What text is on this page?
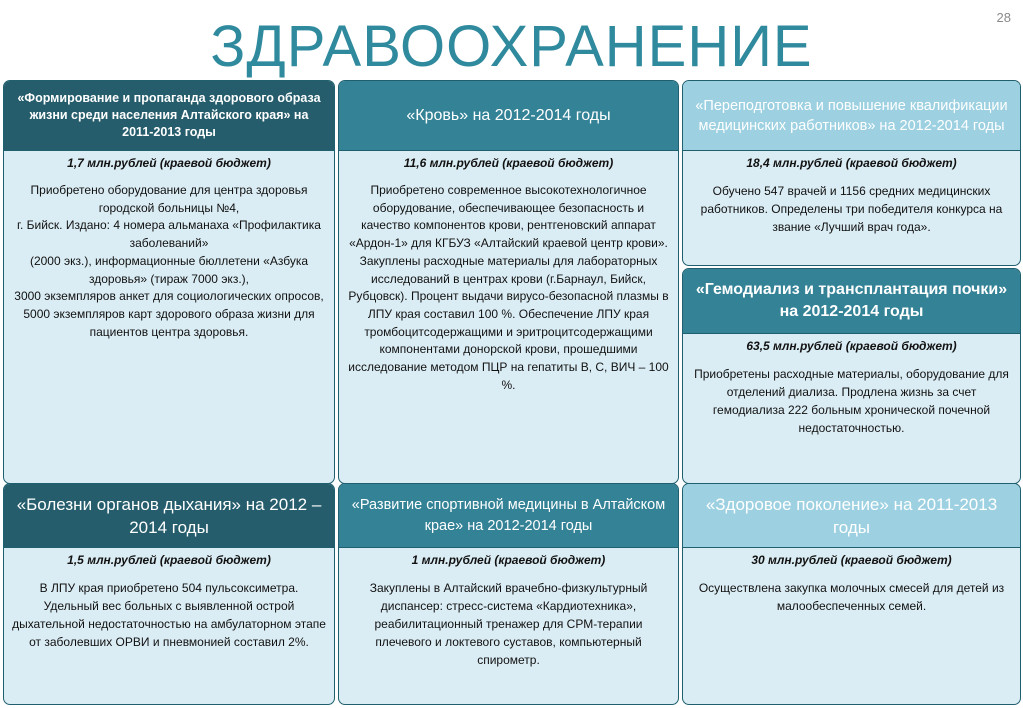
ЗДРАВООХРАНЕНИЕ	28
«Формирование и пропаганда здорового образа жизни среди населения Алтайского края» на 2011-2013 годы
1,7 млн.рублей (краевой бюджет)
Приобретено оборудование для центра здоровья городской больницы №4,
г. Бийск. Издано: 4 номера альманаха «Профилактика заболеваний»
(2000 экз.), информационные бюллетени «Азбука здоровья» (тираж 7000 экз.),
3000 экземпляров анкет для социологических опросов,
5000 экземпляров карт здорового образа жизни для пациентов центра здоровья.
«Кровь» на 2012-2014 годы
11,6 млн.рублей (краевой бюджет)
Приобретено современное высокотехнологичное оборудование, обеспечивающее безопасность и качество компонентов крови, рентгеновский аппарат «Ардон-1» для КГБУЗ «Алтайский краевой центр крови». Закуплены расходные материалы для лабораторных исследований в центрах крови (г.Барнаул, Бийск, Рубцовск). Процент выдачи вирусо-безопасной плазмы в ЛПУ края составил 100 %. Обеспечение ЛПУ края тромбоцитсодержащими и эритроцитсодержащими компонентами донорской крови, прошедшими исследование методом ПЦР на гепатиты В, С, ВИЧ – 100 %.
«Переподготовка и повышение квалификации медицинских работников» на 2012-2014 годы
18,4 млн.рублей (краевой бюджет)
Обучено 547 врачей и 1156 средних медицинских работников. Определены три победителя конкурса на звание «Лучший врач года».
«Гемодиализ и трансплантация почки» на 2012-2014 годы
63,5 млн.рублей (краевой бюджет)
Приобретены расходные материалы, оборудование для отделений диализа. Продлена жизнь за счет гемодиализа 222 больным хронической почечной недостаточностью.
«Болезни органов дыхания» на 2012 – 2014 годы
1,5 млн.рублей (краевой бюджет)
В ЛПУ края приобретено 504 пульсоксиметра. Удельный вес больных с выявленной острой дыхательной недостаточностью на амбулаторном этапе от заболевших ОРВИ и пневмонией составил 2%.
«Развитие спортивной медицины в Алтайском крае» на 2012-2014 годы
1 млн.рублей (краевой бюджет)
Закуплены в Алтайский врачебно-физкультурный диспансер: стресс-система «Кардиотехника», реабилитационный тренажер для СРМ-терапии плечевого и локтевого суставов, компьютерный спирометр.
«Здоровое поколение» на 2011-2013 годы
30 млн.рублей (краевой бюджет)
Осуществлена закупка молочных смесей для детей из малообеспеченных семей.
